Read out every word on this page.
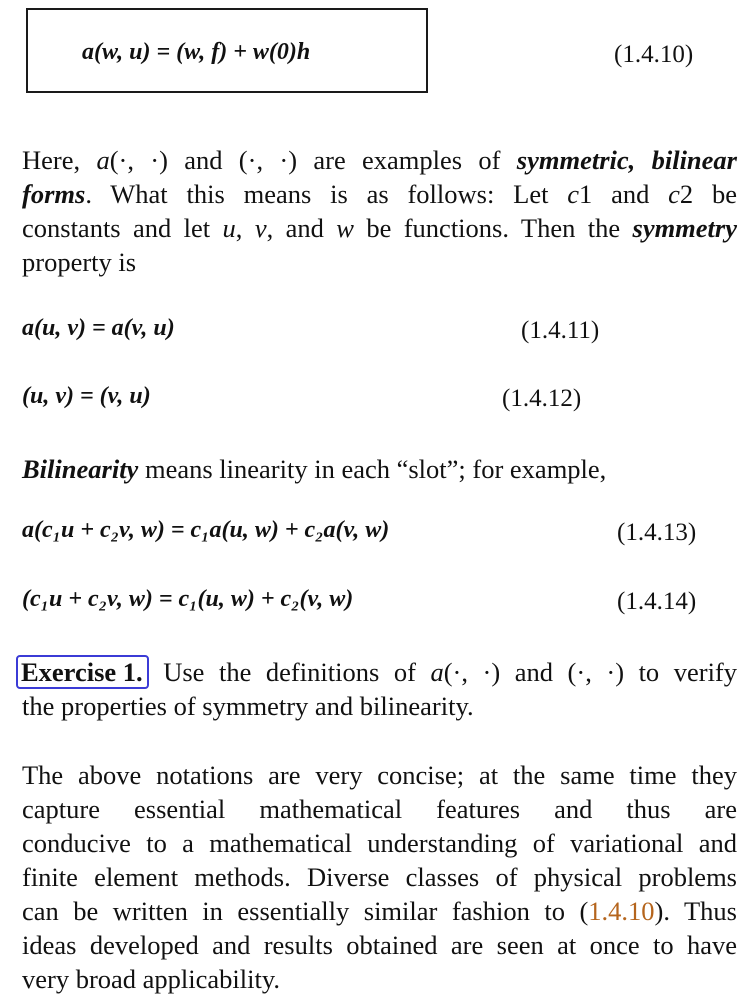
a(w, u) = (w, f) + w(0)h	(1.4.10)
Here, a(·, ·) and (·, ·) are examples of symmetric, bilinear
forms. What this means is as follows: Let c1 and c2 be
constants and let u, v, and w be functions. Then the symmetry
property is
a(u, v) = a(v, u)	(1.4.11)
(u, v) = (v, u)	(1.4.12)
Bilinearity means linearity in each “slot”; for example,
a(c₁u + c₂v, w) = c₁a(u, w) + c₂a(v, w)	(1.4.13)
(c₁u + c₂v, w) = c₁(u, w) + c₂(v, w)	(1.4.14)
Exercise 1. Use the definitions of a(·, ·) and (·, ·) to verify
the properties of symmetry and bilinearity.
The above notations are very concise; at the same time they
capture essential mathematical features and thus are
conducive to a mathematical understanding of variational and
finite element methods. Diverse classes of physical problems
can be written in essentially similar fashion to (1.4.10). Thus
ideas developed and results obtained are seen at once to have
very broad applicability.
